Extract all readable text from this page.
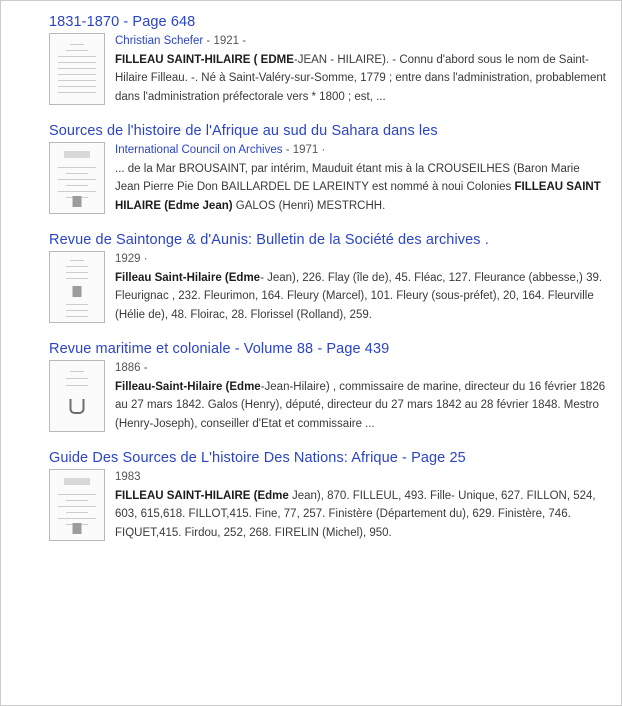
1831-1870 - Page 648
Christian Schefer - 1921 -
FILLEAU SAINT-HILAIRE ( EDME-JEAN - HILAIRE). - Connu d'abord sous le nom de Saint-
Hilaire Filleau. -. Né à Saint-Valéry-sur-Somme, 1779 ; entre dans l'administration, probablement
dans l'administration préfectorale vers * 1800 ; est, ...
Sources de l'histoire de l'Afrique au sud du Sahara dans les
International Council on Archives - 1971 ·
... de la Mar BROUSAINT, par intérim, Mauduit étant mis à la CROUSEILHES (Baron Marie
Jean Pierre Pie Don BAILLARDEL DE LAREINTY est nommé à noui Colonies FILLEAU SAINT
HILAIRE (Edme Jean) GALOS (Henri) MESTRCHH.
Revue de Saintonge & d'Aunis: Bulletin de la Société des archives .
1929 ·
Filleau Saint-Hilaire (Edme- Jean), 226. Flay (île de), 45. Fléac, 127. Fleurance (abbesse,) 39.
Fleurignac , 232. Fleurimon, 164. Fleury (Marcel), 101. Fleury (sous-préfet), 20, 164. Fleurville
(Hélie de), 48. Floirac, 28. Florissel (Rolland), 259.
Revue maritime et coloniale - Volume 88 - Page 439
1886 -
Filleau-Saint-Hilaire (Edme-Jean-Hilaire) , commissaire de marine, directeur du 16 février 1826
au 27 mars 1842. Galos (Henry), député, directeur du 27 mars 1842 au 28 février 1848. Mestro
(Henry-Joseph), conseiller d'Etat et commissaire ...
Guide Des Sources de L'histoire Des Nations: Afrique - Page 25
1983
FILLEAU SAINT-HILAIRE (Edme Jean), 870. FILLEUL, 493. Fille- Unique, 627. FILLON, 524,
603, 615,618. FILLOT,415. Fine, 77, 257. Finistère (Département du), 629. Finistère, 746.
FIQUET,415. Firdou, 252, 268. FIRELIN (Michel), 950.
